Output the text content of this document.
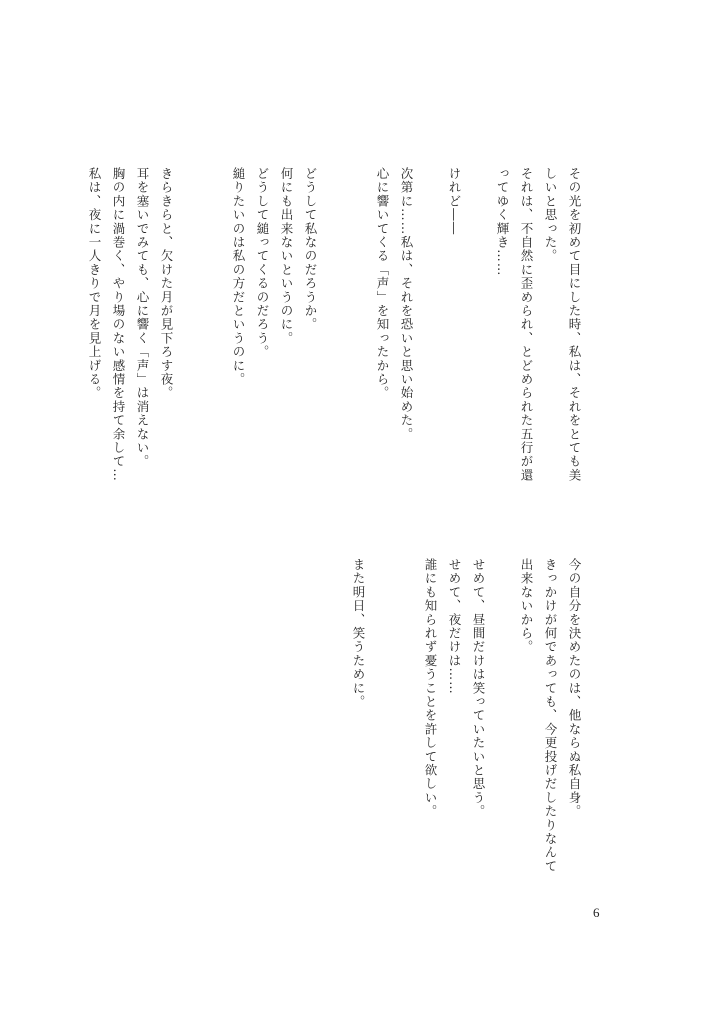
その光を初めて目にした時、私は、それをとても美
しいと思った。
それは、不自然に歪められ、とどめられた五行が還
ってゆく輝き……

けれど――

次第に……私は、それを恐いと思い始めた。
心に響いてくる「声」を知ったから。

どうして私なのだろうか。
何にも出来ないというのに。
どうして縋ってくるのだろう。
縋りたいのは私の方だというのに。

きらきらと、欠けた月が見下ろす夜。
耳を塞いでみても、心に響く「声」は消えない。
胸の内に渦巻く、やり場のない感情を持て余して…
私は、夜に一人きりで月を見上げる。
今の自分を決めたのは、他ならぬ私自身。
きっかけが何であっても、今更投げだしたりなんて
出来ないから。

せめて、昼間だけは笑っていたいと思う。
せめて、夜だけは……
誰にも知られず憂うことを許して欲しい。

また明日、笑うために。
6
